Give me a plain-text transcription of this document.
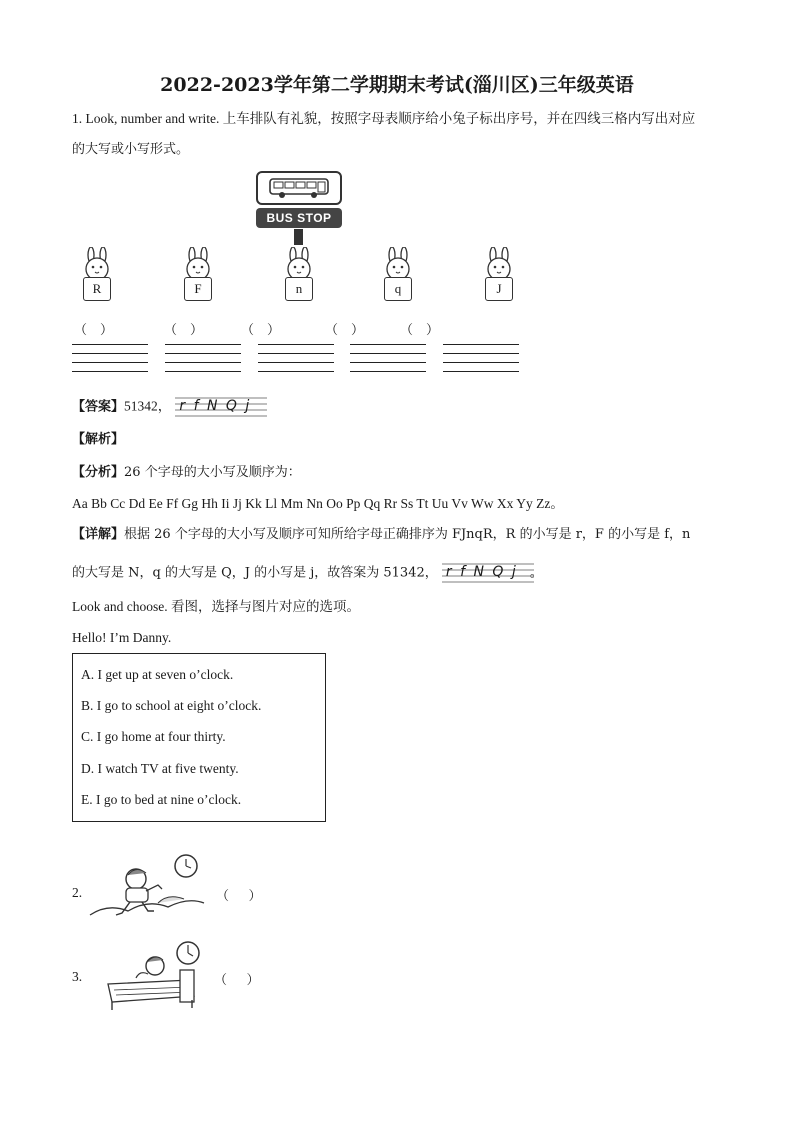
2022-2023学年第二学期期末考试(淄川区)三年级英语
1. Look, number and write. 上车排队有礼貌，按照字母表顺序给小兔子标出序号，并在四线三格内写出对应
的大写或小写形式。
BUS STOP
R	F	n	q	J
（    ）	（    ）	（    ）	（    ）	（    ）
【答案】51342， r f N Q j
【解析】
【分析】26 个字母的大小写及顺序为：
Aa Bb Cc Dd Ee Ff Gg Hh Ii Jj Kk Ll Mm Nn Oo Pp Qq Rr Ss Tt Uu Vv Ww Xx Yy Zz。
【详解】根据 26 个字母的大小写及顺序可知所给字母正确排序为 FJnqR，R 的小写是 r，F 的小写是 f，n
的大写是 N，q 的大写是 Q，J 的小写是 j，故答案为 51342， r f N Q j 。
Look and choose. 看图，选择与图片对应的选项。
Hello! I’m Danny.
A. I get up at seven o’clock.
B. I go to school at eight o’clock.
C. I go home at four thirty.
D. I watch TV at five twenty.
E. I go to bed at nine o’clock.
2.	（      ）
3.	（      ）
